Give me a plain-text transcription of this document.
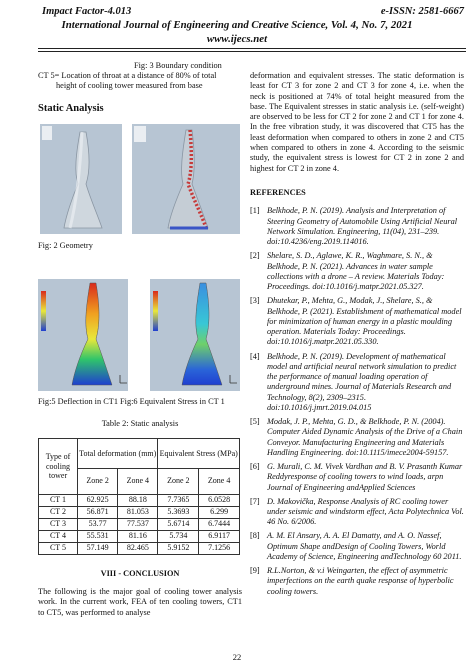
Impact Factor-4.013	e-ISSN: 2581-6667
International Journal of Engineering and Creative Science, Vol. 4, No. 7, 2021
www.ijecs.net

CT 5= Location of throat at a distance of 80% of total
height of cooling tower measured from base

Static Analysis
Fig: 2 Geometry
Fig: 3 Boundary condition
Fig:5 Deflection in CT1 Fig:6 Equivalent Stress in CT 1

Table 2: Static analysis

Type of cooling tower	Total deformation (mm)		Equivalent Stress (MPa)	
	Zone 2	Zone 4	Zone 2	Zone 4
CT 1	62.925	88.18	7.7365	6.0528
CT 2	56.871	81.053	5.3693	6.299
CT 3	53.77	77.537	5.6714	6.7444
CT 4	55.531	81.16	5.734	6.9117
CT 5	57.149	82.465	5.9152	7.1256

VIII - CONCLUSION

The following is the major goal of cooling tower analysis work. In the current work, FEA of ten cooling towers, CT1 to CT5, was performed to analyse

deformation and equivalent stresses. The static deformation is least for CT 3 for zone 2 and CT 3 for zone 4, i.e. when the neck is positioned at 74% of total height measured from the base. The Equivalent stresses in static analysis i.e. (self-weight) are observed to be less for CT 2 for zone 2 and CT 1 for zone 4. In the free vibration study, it was discovered that CT5 has the least deformation when compared to others in zone 2 and CT5 when compared to others in zone 4. According to the seismic study, the equivalent stress is lowest for CT 2 in zone 2 and highest for CT 2 in zone 4.

REFERENCES

[1] Belkhode, P. N. (2019). Analysis and Interpretation of Steering Geometry of Automobile Using Artificial Neural Network Simulation. Engineering, 11(04), 231–239. doi:10.4236/eng.2019.114016.

[2] Shelare, S. D., Aglawe, K. R., Waghmare, S. N., & Belkhode, P. N. (2021). Advances in water sample collections with a drone – A review. Materials Today: Proceedings. doi:10.1016/j.matpr.2021.05.327.

[3] Dhutekar, P., Mehta, G., Modak, J., Shelare, S., & Belkhode, P. (2021). Establishment of mathematical model for minimization of human energy in a plastic moulding operation. Materials Today: Proceedings. doi:10.1016/j.matpr.2021.05.330.

[4] Belkhode, P. N. (2019). Development of mathematical model and artificial neural network simulation to predict the performance of manual loading operation of underground mines. Journal of Materials Research and Technology, 8(2), 2309–2315. doi:10.1016/j.jmrt.2019.04.015

[5] Modak, J. P., Mehta, G. D., & Belkhode, P. N. (2004). Computer Aided Dynamic Analysis of the Drive of a Chain Conveyor. Manufacturing Engineering and Materials Handling Engineering. doi:10.1115/imece2004-59157.

[6] G. Murali, C. M. Vivek Vardhan and B. V. Prasanth Kumar Reddyresponse of cooling towers to wind loads, arpn Journal of Engineering andApplied Sciences

[7] D. Makovička, Response Analysis of RC cooling tower under seismic and windstorm effect, Acta Polytechnica Vol. 46 No. 6/2006.

[8] A. M. El Ansary, A. A. El Damatty, and A. O. Nassef, Optimum Shape andDesign of Cooling Towers, World Academy of Science, Engineering andTechnology 60 2011.

[9] R.L.Norton, & v.i Weingarten, the effect of asymmetric imperfections on the earth quake response of hyperbolic cooling towers.

22
